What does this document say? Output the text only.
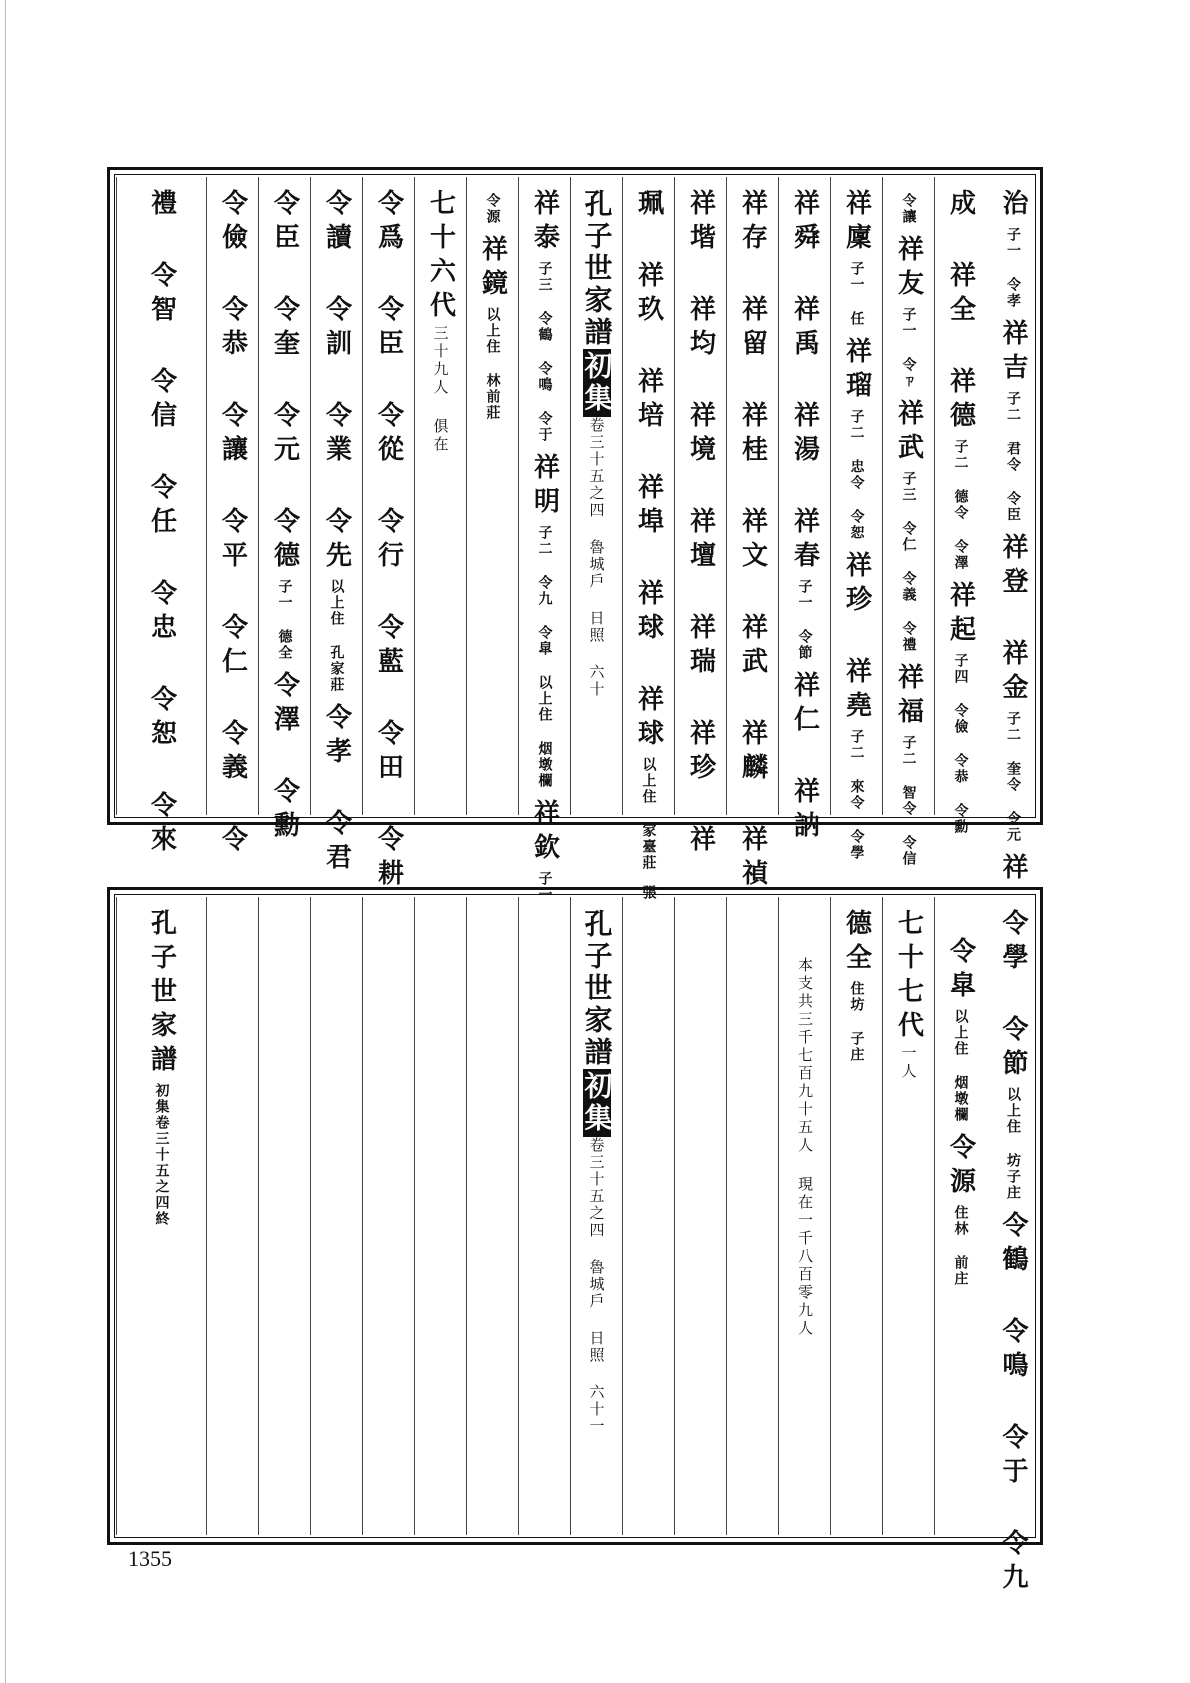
治子一 令孝祥吉子二 君令 令臣祥登 祥金子二 奎令 令元祥
成 祥全 祥德子二 德令 令澤祥起子四 令儉 令恭 令勳
令讓祥友子一 令ㄗ祥武子三 令仁 令義 令禮祥福子二 智令 令信
祥廩子一 任祥瑠子二 忠令 令恕祥珍 祥堯子二 來令 令學
祥舜 祥禹 祥湯 祥春子一 令節祥仁 祥訥
祥存 祥留 祥桂 祥文 祥武 祥麟 祥禎
祥堦 祥均 祥境 祥壇 祥瑞 祥珍 祥
珮 祥玖 祥培 祥埠 祥球 祥球以上住 家臺莊張
孔子世家譜初集卷三十五之四 魯城戶 日照 六十
祥泰子三 令鶴 令鳴 令于祥明子二 令九 令皐 以上住 烟墩欄祥欽子一
令源祥鏡以上住 林前莊
七十六代三十九人 俱在
令爲 令臣 令從 令行 令藍 令田 令耕
令讀 令訓 令業 令先以上住 孔家莊令孝 令君
令臣 令奎 令元 令德子一 德全令澤 令勳
令儉 令恭 令讓 令平 令仁 令義 令
禮 令智 令信 令任 令忠 令恕 令來
令學 令節以上住 坊子庄令鶴 令鳴 令于 令九
令皐以上住 烟墩欄令源住林 前庄
七十七代一人
德全住坊 子庄
本支共三千七百九十五人 現在一千八百零九人
孔子世家譜初集卷三十五之四 魯城戶 日照 六十一
孔子世家譜初集卷三十五之四終
1355
